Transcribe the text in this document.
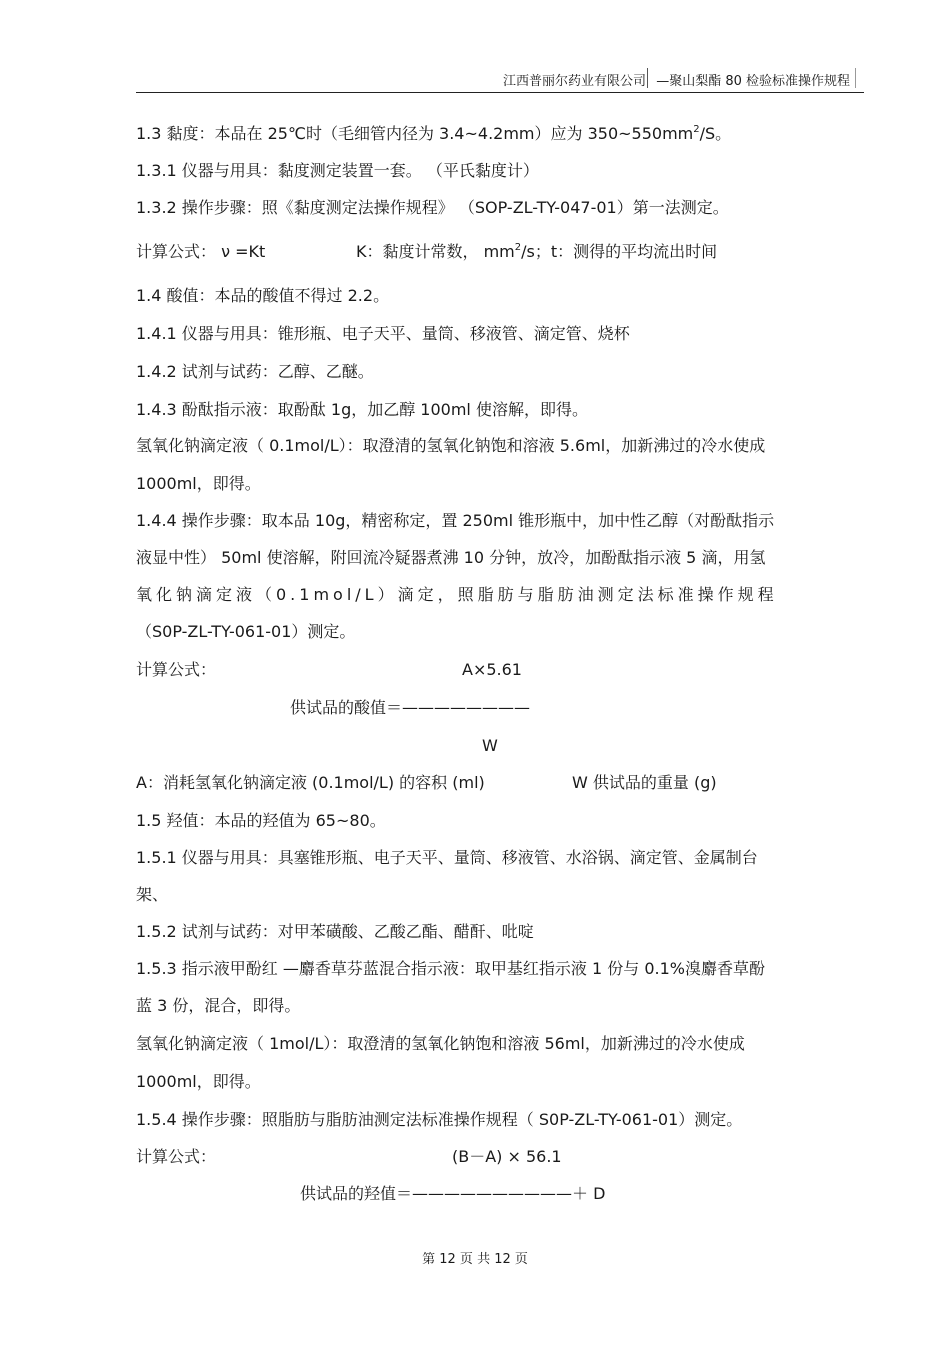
江西普丽尔药业有限公司 —聚山梨酯 80 检验标准操作规程
1.3 黏度：本品在 25℃时（毛细管内径为 3.4~4.2mm）应为 $350\sim 550mm^2/S$。
1.3.1 仪器与用具：黏度测定装置一套。 （平氏黏度计）
1.3.2 操作步骤：照《黏度测定法操作规程》 （SOP-ZL-TY-047-01）第一法测定。
计算公式： ν =Kt	K：黏度计常数， $mm^2/s$；t：测得的平均流出时间
1.4 酸值：本品的酸值不得过 2.2。
1.4.1 仪器与用具：锥形瓶、电子天平、量筒、移液管、滴定管、烧杯
1.4.2 试剂与试药：乙醇、乙醚。
1.4.3 酚酞指示液：取酚酞 1g，加乙醇 100ml 使溶解，即得。
氢氧化钠滴定液（ 0.1mol/L）：取澄清的氢氧化钠饱和溶液 5.6ml，加新沸过的冷水使成
1000ml，即得。
1.4.4 操作步骤：取本品 10g，精密称定，置 250ml 锥形瓶中，加中性乙醇（对酚酞指示
液显中性） 50ml 使溶解，附回流冷疑器煮沸 10 分钟，放冷，加酚酞指示液 5 滴，用氢
氧化钠滴定液（0.1mol/L）滴定，照脂肪与脂肪油测定法标准操作规程
（S0P-ZL-TY-061-01）测定。
计算公式：	A×5.61
供试品的酸值＝————————
W
A：消耗氢氧化钠滴定液 (0.1mol/L) 的容积 (ml)	W 供试品的重量 (g)
1.5 羟值：本品的羟值为 65~80。
1.5.1 仪器与用具：具塞锥形瓶、电子天平、量筒、移液管、水浴锅、滴定管、金属制台
架、
1.5.2 试剂与试药：对甲苯磺酸、乙酸乙酯、醋酐、吡啶
1.5.3 指示液甲酚红 —麝香草芬蓝混合指示液：取甲基红指示液 1 份与 0.1%溴麝香草酚
蓝 3 份，混合，即得。
氢氧化钠滴定液（ 1mol/L）：取澄清的氢氧化钠饱和溶液 56ml，加新沸过的冷水使成
1000ml，即得。
1.5.4 操作步骤：照脂肪与脂肪油测定法标准操作规程（ S0P-ZL-TY-061-01）测定。
计算公式：	(B－A) × 56.1
供试品的羟值＝——————————＋ D
第 12 页 共 12 页
